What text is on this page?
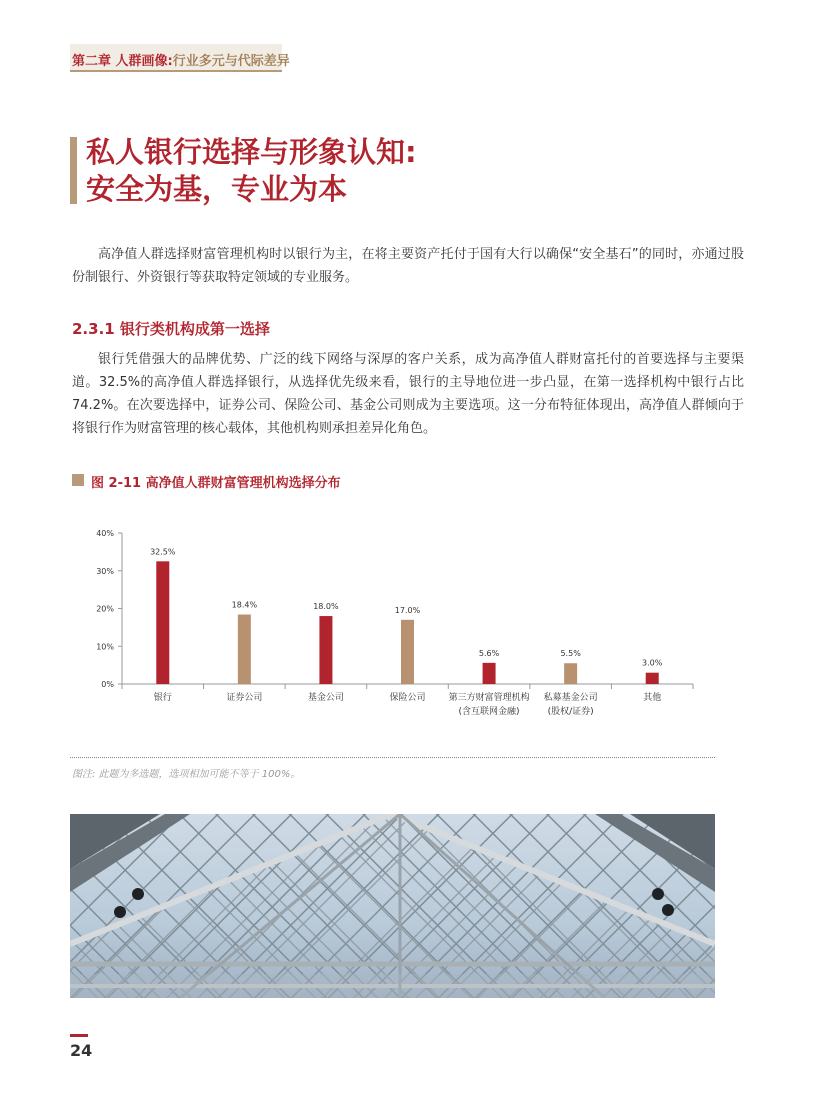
第二章 人群画像:行业多元与代际差异
私人银行选择与形象认知:
安全为基，专业为本

高净值人群选择财富管理机构时以银行为主，在将主要资产托付于国有大行以确保“安全基石”的同时，亦通过股份制银行、外资银行等获取特定领域的专业服务。

2.3.1 银行类机构成第一选择

银行凭借强大的品牌优势、广泛的线下网络与深厚的客户关系，成为高净值人群财富托付的首要选择与主要渠道。32.5%的高净值人群选择银行，从选择优先级来看，银行的主导地位进一步凸显，在第一选择机构中银行占比74.2%。在次要选择中，证券公司、保险公司、基金公司则成为主要选项。这一分布特征体现出，高净值人群倾向于将银行作为财富管理的核心载体，其他机构则承担差异化角色。

图 2-11 高净值人群财富管理机构选择分布
0%
10%
20%
30%
40%
32.5%
银行
18.4%
证券公司
18.0%
基金公司
17.0%
保险公司
5.6%
第三方财富管理机构
(含互联网金融)
5.5%
私募基金公司
(股权/证券)
3.0%
其他
图注: 此题为多选题，选项相加可能不等于 100%。
24
